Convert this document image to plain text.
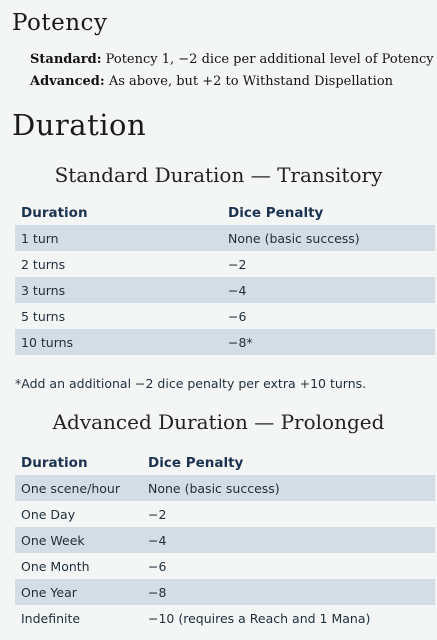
Potency
Standard: Potency 1, −2 dice per additional level of Potency
Advanced: As above, but +2 to Withstand Dispellation
Duration
Standard Duration — Transitory
Duration	Dice Penalty
1 turn	None (basic success)
2 turns	−2
3 turns	−4
5 turns	−6
10 turns	−8*
*Add an additional −2 dice penalty per extra +10 turns.
Advanced Duration — Prolonged
Duration	Dice Penalty
One scene/hour	None (basic success)
One Day	−2
One Week	−4
One Month	−6
One Year	−8
Indefinite	−10 (requires a Reach and 1 Mana)
